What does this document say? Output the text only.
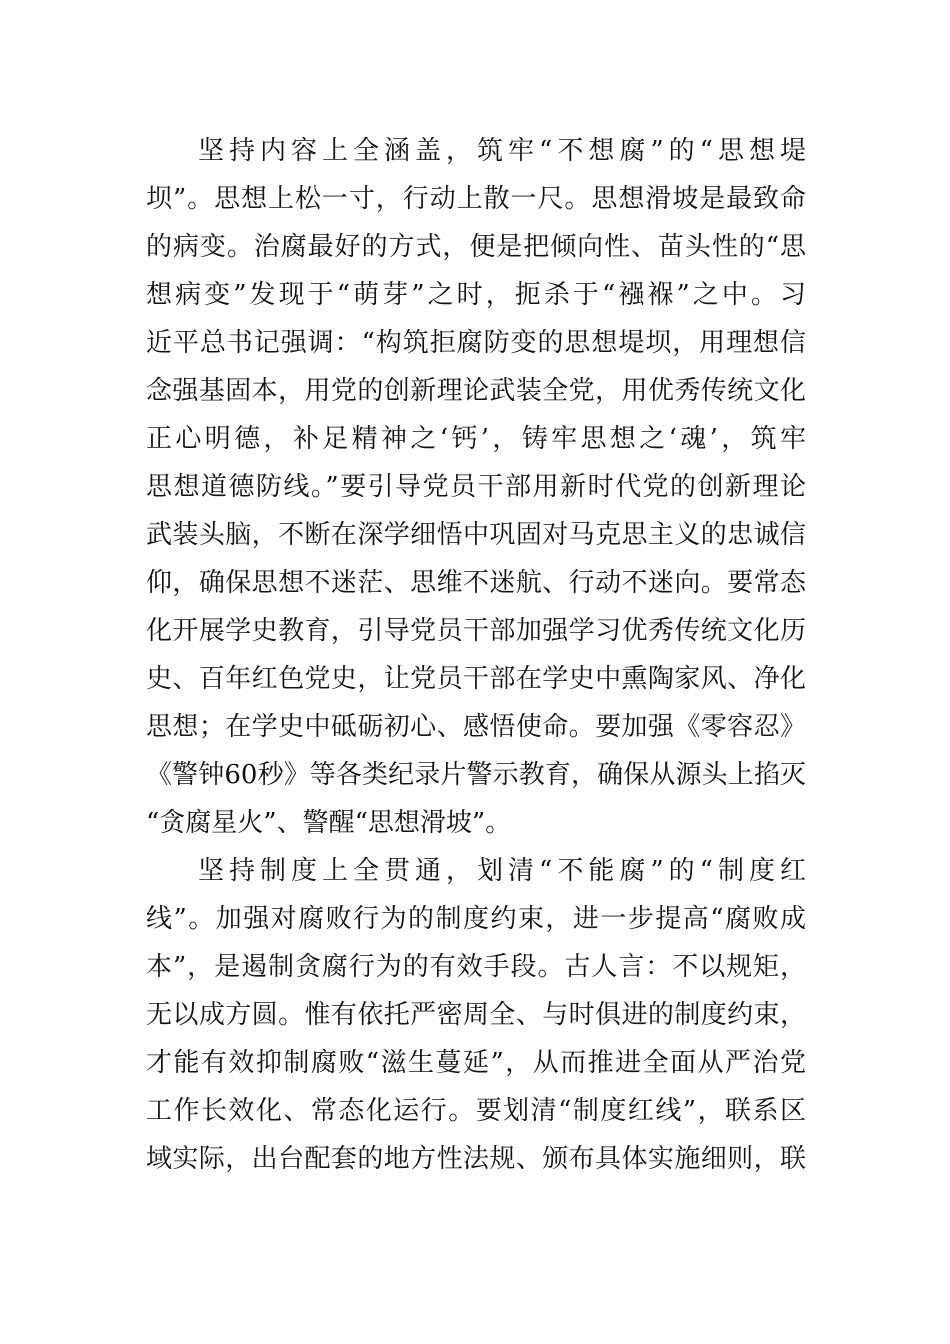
坚持内容上全涵盖，筑牢“不想腐”的“思想堤
坝”。思想上松一寸，行动上散一尺。思想滑坡是最致命
的病变。治腐最好的方式，便是把倾向性、苗头性的“思
想病变”发现于“萌芽”之时，扼杀于“襁褓”之中。习
近平总书记强调：“构筑拒腐防变的思想堤坝，用理想信
念强基固本，用党的创新理论武装全党，用优秀传统文化
正心明德，补足精神之‘钙’，铸牢思想之‘魂’，筑牢
思想道德防线。”要引导党员干部用新时代党的创新理论
武装头脑，不断在深学细悟中巩固对马克思主义的忠诚信
仰，确保思想不迷茫、思维不迷航、行动不迷向。要常态
化开展学史教育，引导党员干部加强学习优秀传统文化历
史、百年红色党史，让党员干部在学史中熏陶家风、净化
思想；在学史中砥砺初心、感悟使命。要加强《零容忍》
《警钟60秒》等各类纪录片警示教育，确保从源头上掐灭
“贪腐星火”、警醒“思想滑坡”。
坚持制度上全贯通，划清“不能腐”的“制度红
线”。加强对腐败行为的制度约束，进一步提高“腐败成
本”，是遏制贪腐行为的有效手段。古人言：不以规矩，
无以成方圆。惟有依托严密周全、与时俱进的制度约束，
才能有效抑制腐败“滋生蔓延”，从而推进全面从严治党
工作长效化、常态化运行。要划清“制度红线”，联系区
域实际，出台配套的地方性法规、颁布具体实施细则，联
